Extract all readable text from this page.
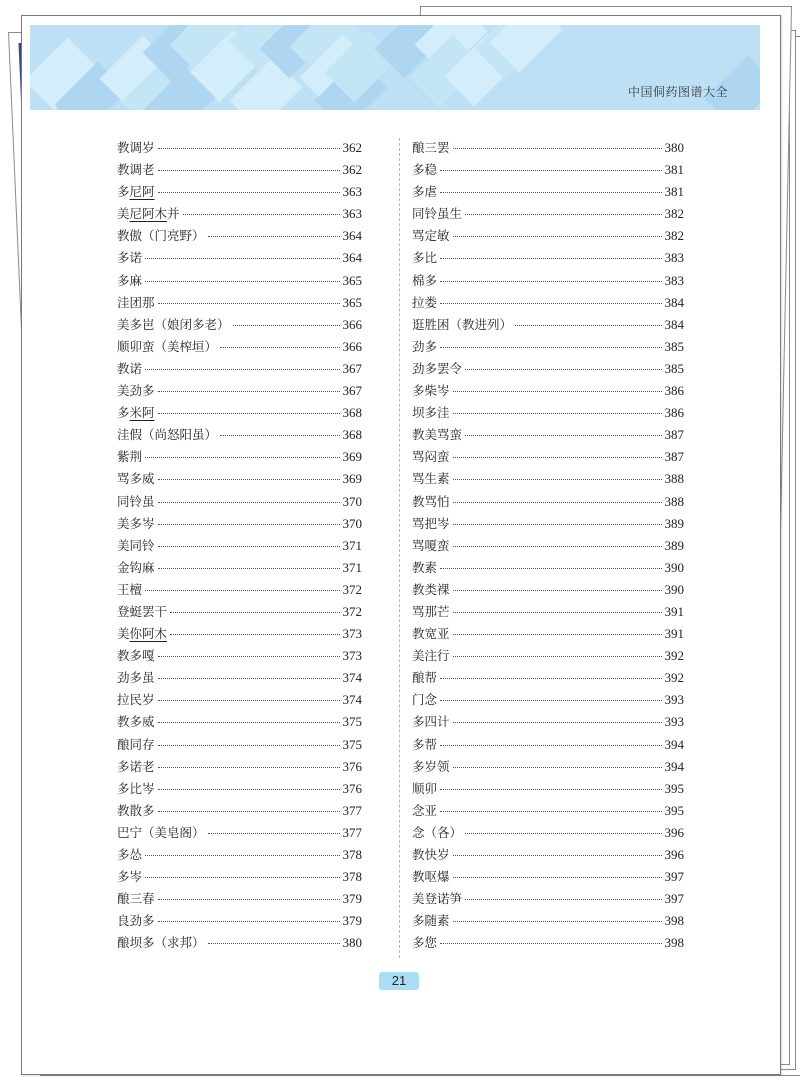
中国侗药图谱大全
教调岁	362
教调老	362
多尼阿	363
美尼阿木并	363
教傲（门亮野）	364
多诺	364
多麻	365
洼团那	365
美多岜（娘闭多老）	366
顺卯蛮（美榨垣）	366
教诺	367
美劲多	367
多米阿	368
洼假（尚怒阳虽）	368
紫荆	369
骂多威	369
同铃虽	370
美多岑	370
美同铃	371
金钩麻	371
王檀	372
登蜓罢干	372
美你阿木	373
教多嘎	373
劲多虽	374
拉民岁	374
教多威	375
酿同存	375
多诺老	376
多比岑	376
教散多	377
巴宁（美皂阁）	377
多怂	378
多岑	378
酿三春	379
良劲多	379
酿坝多（求邦）	380
酿三罢	380
多稳	381
多虐	381
同铃虽生	382
骂定敏	382
多比	383
棉多	383
拉娄	384
逛胜困（教进列）	384
劲多	385
劲多罢令	385
多柴岑	386
坝多洼	386
教美骂蛮	387
骂闷蛮	387
骂生素	388
教骂怕	388
骂把岑	389
骂嗄蛮	389
教素	390
教类裸	390
骂那芒	391
教宽亚	391
美注行	392
酿帮	392
门念	393
多四计	393
多帮	394
多岁领	394
顺卯	395
念亚	395
念（各）	396
教快岁	396
教呕爆	397
美登诺笋	397
多随素	398
多您	398
21
